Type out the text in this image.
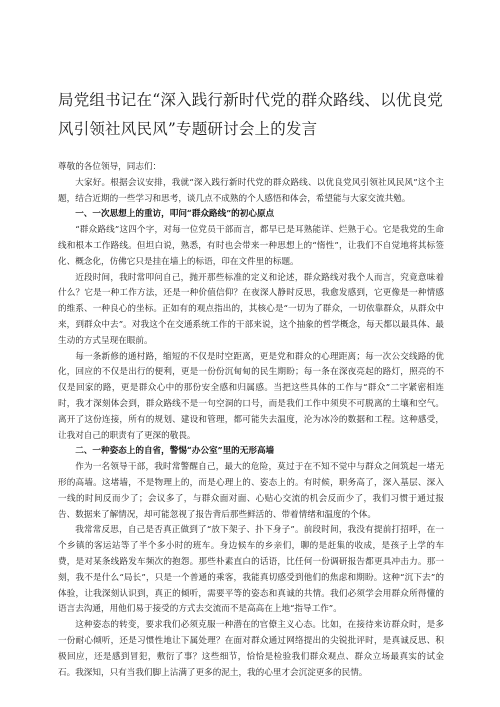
局党组书记在“深入践行新时代党的群众路线、以优良党风引领社风民风”专题研讨会上的发言

尊敬的各位领导，同志们：

大家好。根据会议安排，我就“深入践行新时代党的群众路线、以优良党风引领社风民风”这个主题，结合近期的一些学习和思考，谈几点不成熟的个人感悟和体会，希望能与大家交流共勉。

一、一次思想上的重访，叩问“群众路线”的初心原点

“群众路线”这四个字，对每一位党员干部而言，都早已是耳熟能详、烂熟于心。它是我党的生命线和根本工作路线。但坦白说，熟悉，有时也会带来一种思想上的“惰性”，让我们不自觉地将其标签化、概念化，仿佛它只是挂在墙上的标语，印在文件里的标题。

近段时间，我时常叩问自己，抛开那些标准的定义和论述，群众路线对我个人而言，究竟意味着什么？它是一种工作方法，还是一种价值信仰？在夜深人静时反思，我愈发感到，它更像是一种情感的维系、一种良心的坐标。正如有的观点指出的，其核心是“一切为了群众，一切依靠群众，从群众中来，到群众中去”。对我这个在交通系统工作的干部来说，这个抽象的哲学概念，每天都以最具体、最生动的方式呈现在眼前。

每一条新修的通村路，缩短的不仅是时空距离，更是党和群众的心理距离；每一次公交线路的优化，回应的不仅是出行的便利，更是一份份沉甸甸的民生期盼；每一条在深夜亮起的路灯，照亮的不仅是回家的路，更是群众心中的那份安全感和归属感。当把这些具体的工作与“群众”二字紧密相连时，我才深刻体会到，群众路线不是一句空洞的口号，而是我们工作中须臾不可脱离的土壤和空气。离开了这份连接，所有的规划、建设和管理，都可能失去温度，沦为冰冷的数据和工程。这种感受，让我对自己的职责有了更深的敬畏。

二、一种姿态上的自省，警惕“办公室”里的无形高墙

作为一名领导干部，我时常警醒自己，最大的危险，莫过于在不知不觉中与群众之间筑起一堵无形的高墙。这堵墙，不是物理上的，而是心理上的、姿态上的。有时候，职务高了，深入基层、深入一线的时间反而少了；会议多了，与群众面对面、心贴心交流的机会反而少了，我们习惯于通过报告、数据来了解情况，却可能忽视了报告背后那些鲜活的、带着情绪和温度的个体。

我常常反思，自己是否真正做到了“放下架子、扑下身子”。前段时间，我没有提前打招呼，在一个乡镇的客运站等了半个多小时的班车。身边候车的乡亲们，聊的是赶集的收成，是孩子上学的车费，是对某条线路发车频次的抱怨。那些朴素直白的话语，比任何一份调研报告都更具冲击力。那一刻，我不是什么“局长”，只是一个普通的乘客，我能真切感受到他们的焦虑和期盼。这种“沉下去”的体验，让我深刻认识到，真正的倾听，需要平等的姿态和真诚的共情。我们必须学会用群众所得懂的语言去沟通，用他们易于接受的方式去交流而不是高高在上地“指导工作”。

这种姿态的转变，要求我们必须克服一种潜在的官僚主义心态。比如，在接待来访群众时，是多一份耐心倾听，还是习惯性地让下属处理？在面对群众通过网络提出的尖锐批评时，是真诚反思、积极回应，还是感到冒犯，敷衍了事？这些细节，恰恰是检验我们群众观点、群众立场最真实的试金石。我深知，只有当我们脚上沾满了更多的泥土，我的心里才会沉淀更多的民情。
